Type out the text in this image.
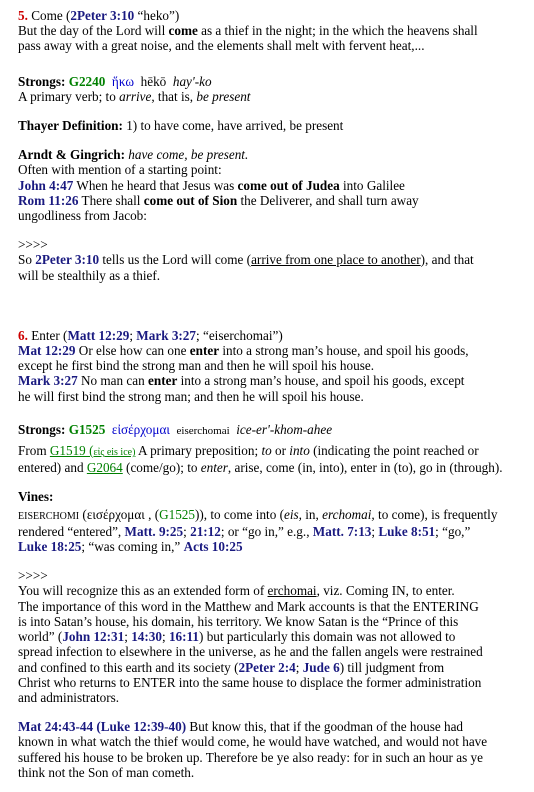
5. Come (2Peter 3:10 “heko”)

But the day of the Lord will come as a thief in the night; in the which the heavens shall

pass away with a great noise, and the elements shall melt with fervent heat,...

Strongs: G2240 ἥκω hēkō hay'-ko

A primary verb; to arrive, that is, be present

Thayer Definition: 1) to have come, have arrived, be present

Arndt & Gingrich: have come, be present.

Often with mention of a starting point:

John 4:47 When he heard that Jesus was come out of Judea into Galilee

Rom 11:26 There shall come out of Sion the Deliverer, and shall turn away

ungodliness from Jacob:

>>>>

So 2Peter 3:10 tells us the Lord will come (arrive from one place to another), and that

will be stealthily as a thief.

6. Enter (Matt 12:29; Mark 3:27; “eiserchomai”)

Mat 12:29 Or else how can one enter into a strong man’s house, and spoil his goods,

except he first bind the strong man and then he will spoil his house.

Mark 3:27 No man can enter into a strong man’s house, and spoil his goods, except

he will first bind the strong man; and then he will spoil his house.

Strongs: G1525 εἰσέρχομαι eiserchomai ice-er'-khom-ahee

From G1519 (εἰς eis ice) A primary preposition; to or into (indicating the point reached or

entered) and G2064 (come/go); to enter, arise, come (in, into), enter in (to), go in (through).

Vines:

EISERCHOMI (εισέρχομαι , (G1525)), to come into (eis, in, erchomai, to come), is frequently

rendered “entered”, Matt. 9:25; 21:12; or “go in,” e.g., Matt. 7:13; Luke 8:51; “go,”

Luke 18:25; “was coming in,” Acts 10:25

>>>>

You will recognize this as an extended form of erchomai, viz. Coming IN, to enter.

The importance of this word in the Matthew and Mark accounts is that the ENTERING

is into Satan’s house, his domain, his territory. We know Satan is the “Prince of this

world” (John 12:31; 14:30; 16:11) but particularly this domain was not allowed to

spread infection to elsewhere in the universe, as he and the fallen angels were restrained

and confined to this earth and its society (2Peter 2:4; Jude 6) till judgment from

Christ who returns to ENTER into the same house to displace the former administration

and administrators.

Mat 24:43-44 (Luke 12:39-40) But know this, that if the goodman of the house had

known in what watch the thief would come, he would have watched, and would not have

suffered his house to be broken up. Therefore be ye also ready: for in such an hour as ye

think not the Son of man cometh.
